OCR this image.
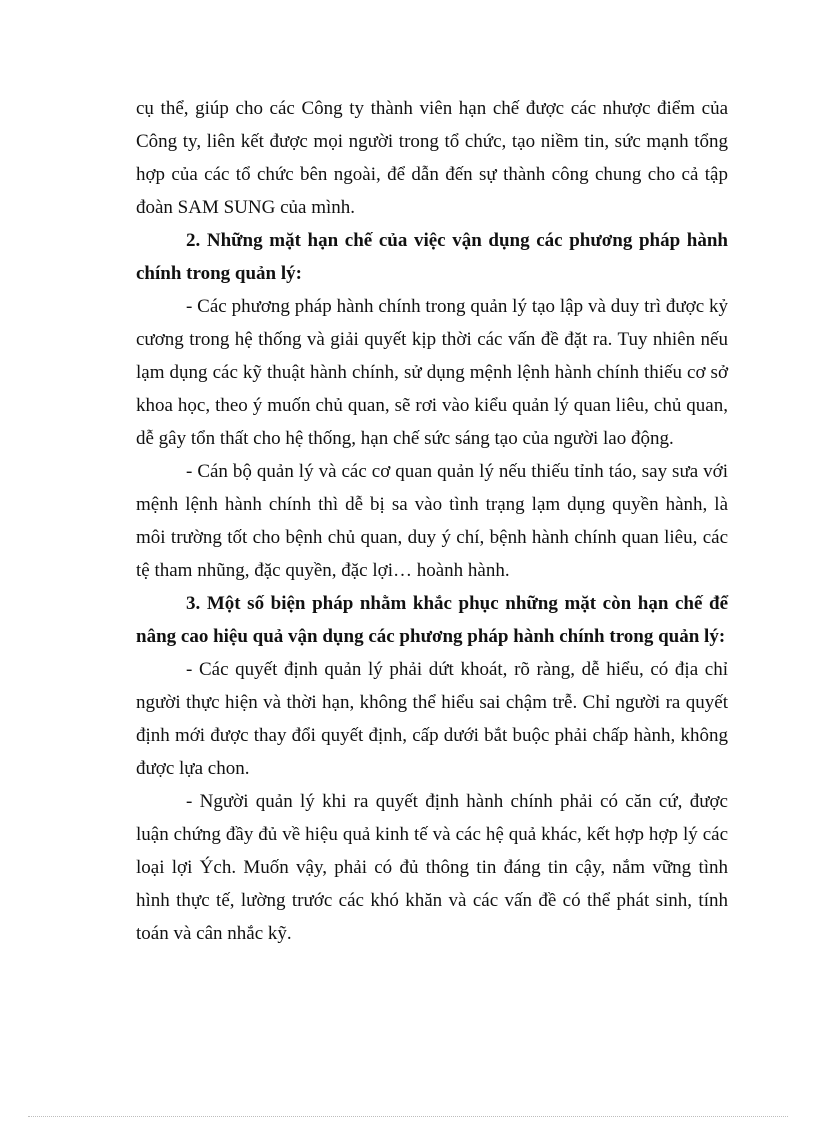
cụ thể, giúp cho các Công ty thành viên hạn chế được các nhược điểm của Công ty, liên kết được mọi người trong tổ chức, tạo niềm tin, sức mạnh tổng hợp của các tổ chức bên ngoài, để dẫn đến sự thành công chung cho cả tập đoàn SAM SUNG của mình.

2. Những mặt hạn chế của việc vận dụng các phương pháp hành chính trong quản lý:

- Các phương pháp hành chính trong quản lý tạo lập và duy trì được kỷ cương trong hệ thống và giải quyết kịp thời các vấn đề đặt ra. Tuy nhiên nếu lạm dụng các kỹ thuật hành chính, sử dụng mệnh lệnh hành chính thiếu cơ sở khoa học, theo ý muốn chủ quan, sẽ rơi vào kiểu quản lý quan liêu, chủ quan, dễ gây tổn thất cho hệ thống, hạn chế sức sáng tạo của người lao động.

- Cán bộ quản lý và các cơ quan quản lý nếu thiếu tỉnh táo, say sưa với mệnh lệnh hành chính thì dễ bị sa vào tình trạng lạm dụng quyền hành, là môi trường tốt cho bệnh chủ quan, duy ý chí, bệnh hành chính quan liêu, các tệ tham nhũng, đặc quyền, đặc lợi… hoành hành.

3. Một số biện pháp nhằm khắc phục những mặt còn hạn chế để nâng cao hiệu quả vận dụng các phương pháp hành chính trong quản lý:

- Các quyết định quản lý phải dứt khoát, rõ ràng, dễ hiểu, có địa chỉ người thực hiện và thời hạn, không thể hiểu sai chậm trễ. Chỉ người ra quyết định mới được thay đổi quyết định, cấp dưới bắt buộc phải chấp hành, không được lựa chon.

- Người quản lý khi ra quyết định hành chính phải có căn cứ, được luận chứng đầy đủ về hiệu quả kinh tế và các hệ quả khác, kết hợp hợp lý các loại lợi Ých. Muốn vậy, phải có đủ thông tin đáng tin cậy, nắm vững tình hình thực tế, lường trước các khó khăn và các vấn đề có thể phát sinh, tính toán và cân nhắc kỹ.
